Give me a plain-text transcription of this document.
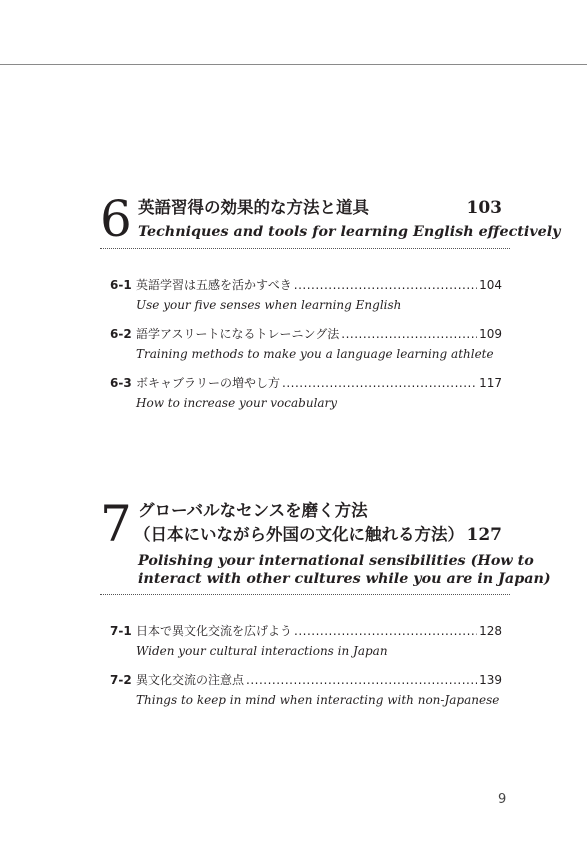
6 英語習得の効果的な方法と道具	103
Techniques and tools for learning English effectively
6-1 英語学習は五感を活かすべき .....	104
Use your five senses when learning English
6-2 語学アスリートになるトレーニング法 .....	109
Training methods to make you a language learning athlete
6-3 ボキャブラリーの増やし方 .....	117
How to increase your vocabulary
7 グローバルなセンスを磨く方法
（日本にいながら外国の文化に触れる方法） 127
Polishing your international sensibilities (How to
interact with other cultures while you are in Japan)
7-1 日本で異文化交流を広げよう .....	128
Widen your cultural interactions in Japan
7-2 異文化交流の注意点 .....	139
Things to keep in mind when interacting with non-Japanese
9
